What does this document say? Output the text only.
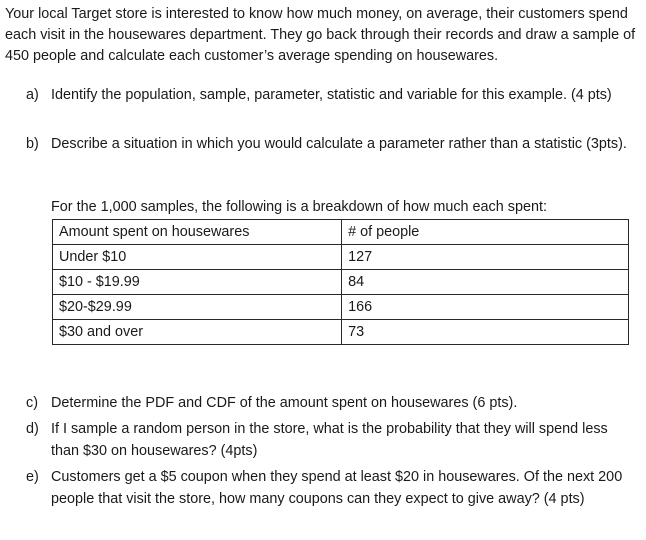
Your local Target store is interested to know how much money, on average, their customers spend each visit in the housewares department. They go back through their records and draw a sample of 450 people and calculate each customer’s average spending on housewares.

a) Identify the population, sample, parameter, statistic and variable for this example. (4 pts)
b) Describe a situation in which you would calculate a parameter rather than a statistic (3pts).

For the 1,000 samples, the following is a breakdown of how much each spent:

Amount spent on housewares	# of people
Under $10	127
$10 - $19.99	84
$20-$29.99	166
$30 and over	73
c) Determine the PDF and CDF of the amount spent on housewares (6 pts).
d) If I sample a random person in the store, what is the probability that they will spend less than $30 on housewares? (4pts)
e) Customers get a $5 coupon when they spend at least $20 in housewares. Of the next 200 people that visit the store, how many coupons can they expect to give away? (4 pts)
